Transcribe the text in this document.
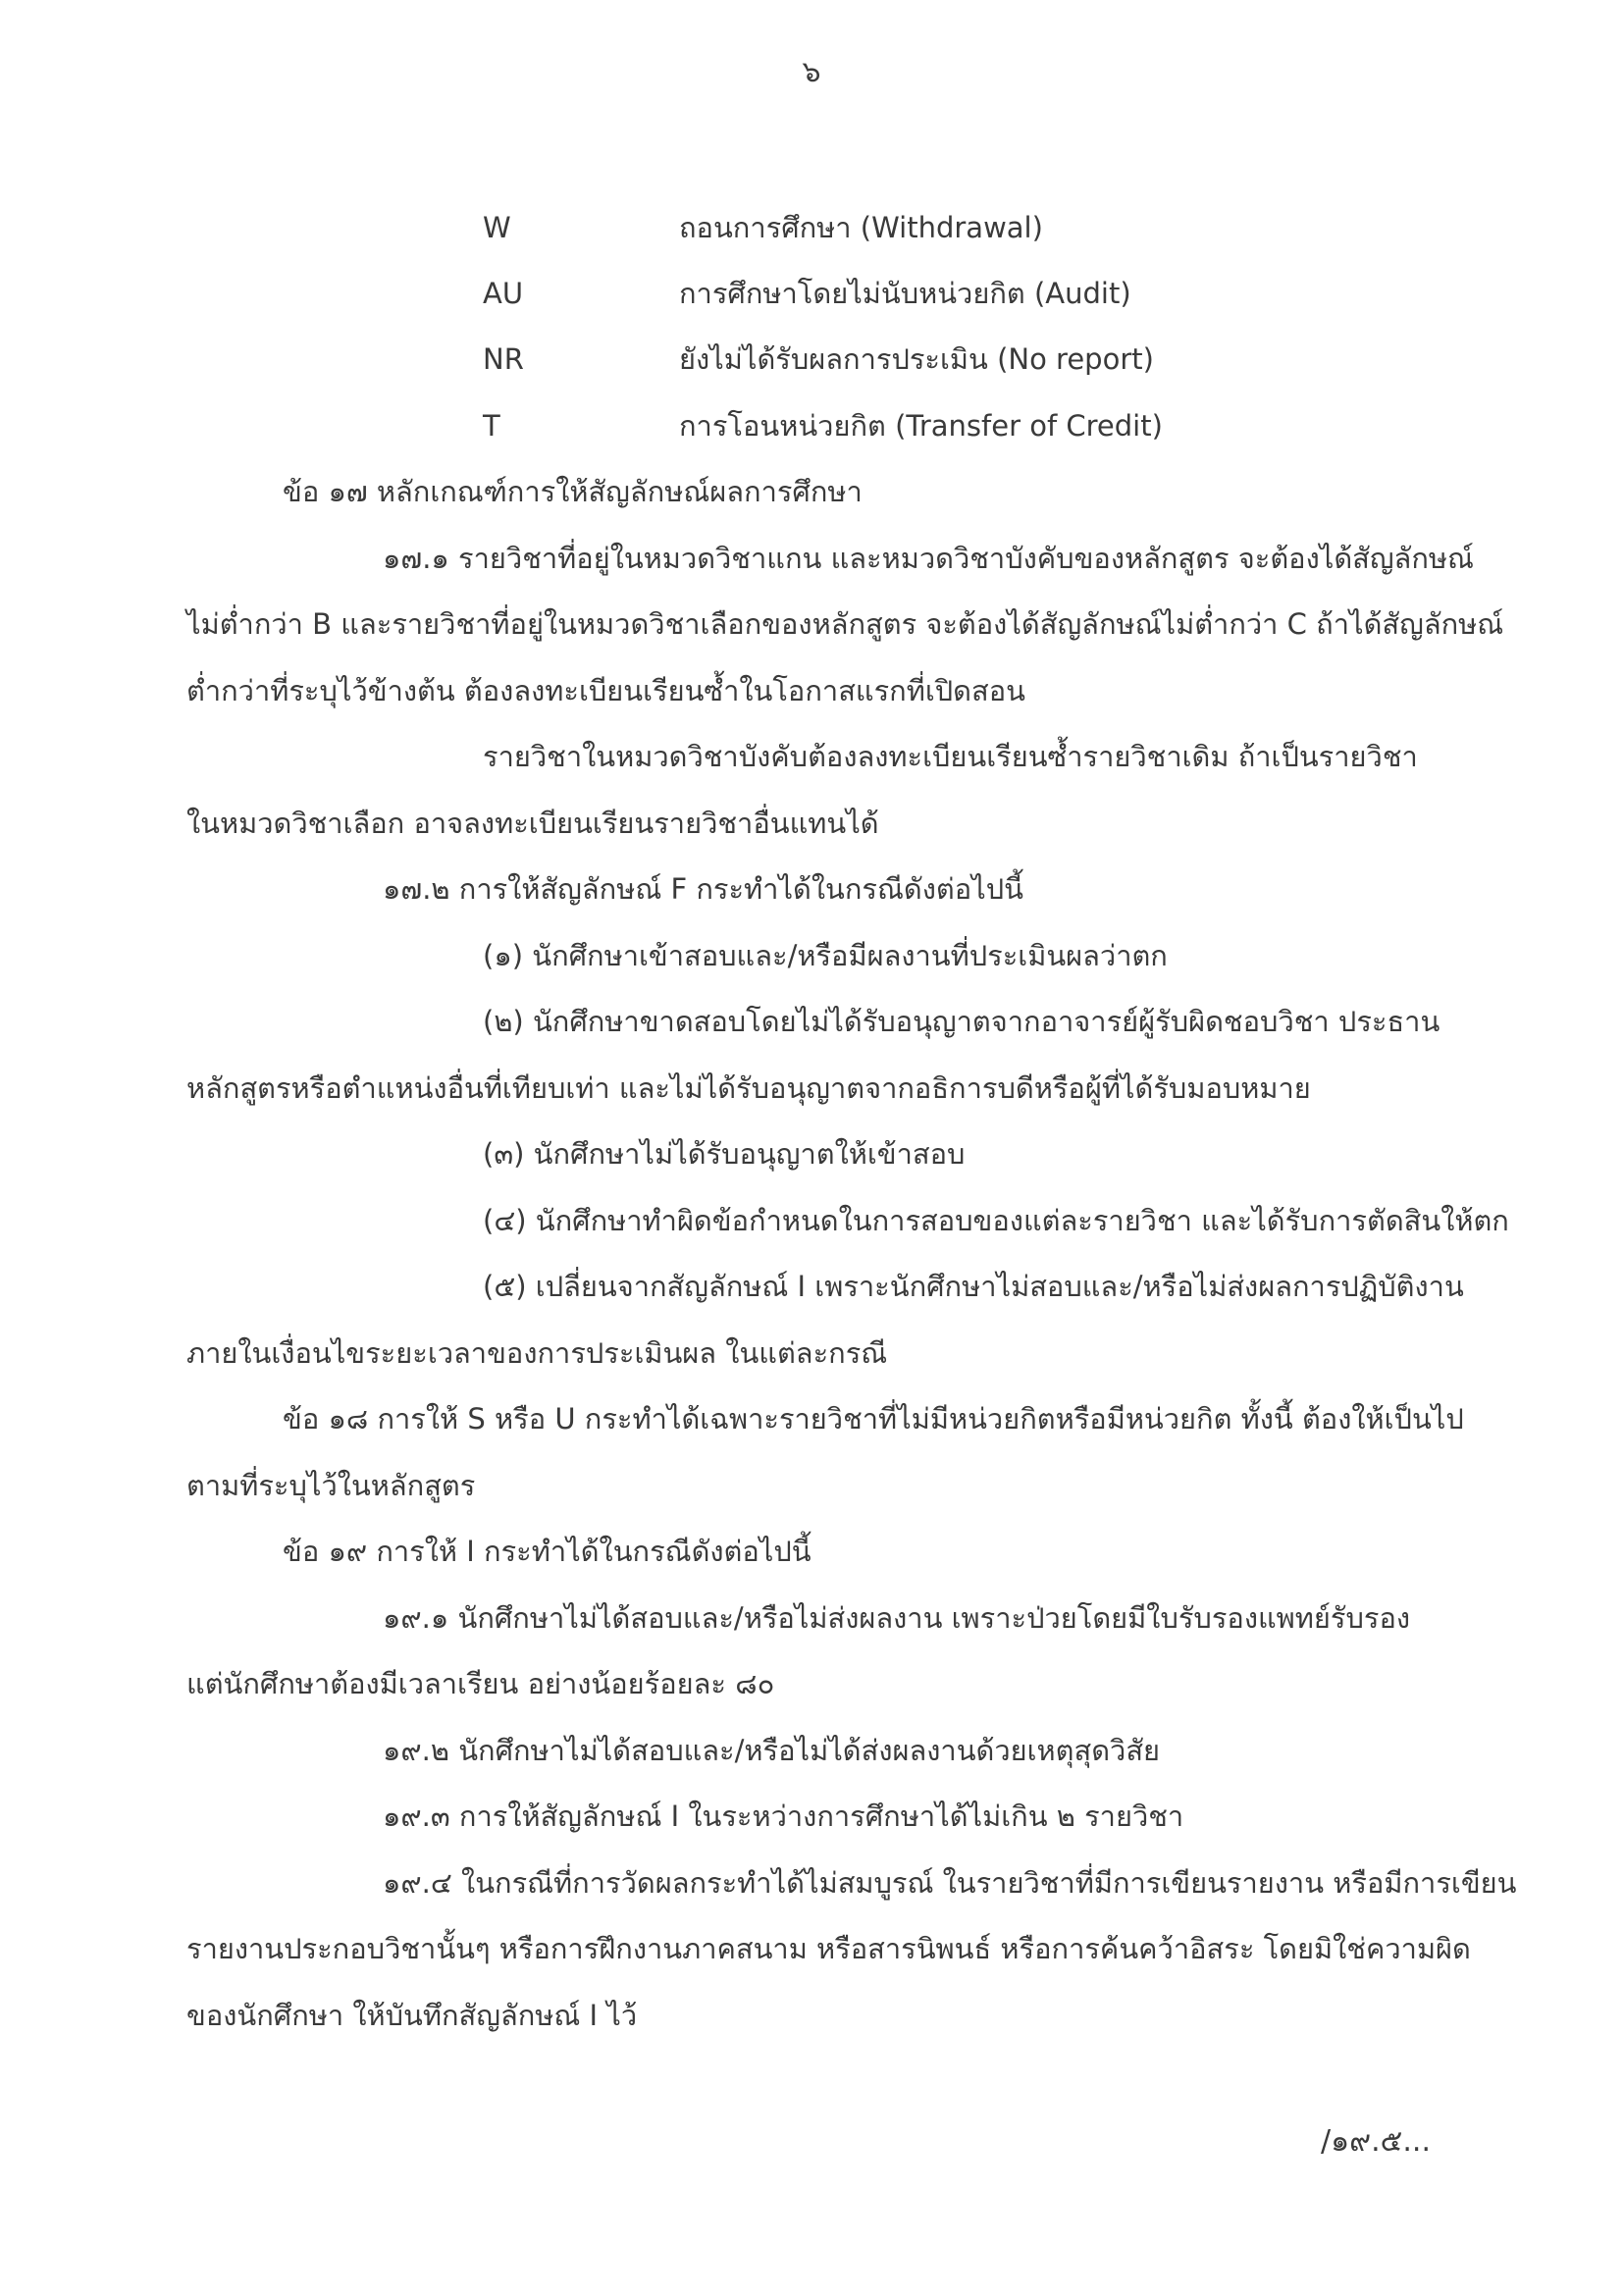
๖
W	ถอนการศึกษา (Withdrawal)
AU	การศึกษาโดยไม่นับหน่วยกิต (Audit)
NR	ยังไม่ได้รับผลการประเมิน (No report)
T	การโอนหน่วยกิต (Transfer of Credit)
ข้อ ๑๗ หลักเกณฑ์การให้สัญลักษณ์ผลการศึกษา
๑๗.๑ รายวิชาที่อยู่ในหมวดวิชาแกน และหมวดวิชาบังคับของหลักสูตร จะต้องได้สัญลักษณ์
ไม่ต่ำกว่า B และรายวิชาที่อยู่ในหมวดวิชาเลือกของหลักสูตร จะต้องได้สัญลักษณ์ไม่ต่ำกว่า C ถ้าได้สัญลักษณ์
ต่ำกว่าที่ระบุไว้ข้างต้น ต้องลงทะเบียนเรียนซ้ำในโอกาสแรกที่เปิดสอน
รายวิชาในหมวดวิชาบังคับต้องลงทะเบียนเรียนซ้ำรายวิชาเดิม ถ้าเป็นรายวิชา
ในหมวดวิชาเลือก อาจลงทะเบียนเรียนรายวิชาอื่นแทนได้
๑๗.๒ การให้สัญลักษณ์ F กระทำได้ในกรณีดังต่อไปนี้
(๑) นักศึกษาเข้าสอบและ/หรือมีผลงานที่ประเมินผลว่าตก
(๒) นักศึกษาขาดสอบโดยไม่ได้รับอนุญาตจากอาจารย์ผู้รับผิดชอบวิชา ประธาน
หลักสูตรหรือตำแหน่งอื่นที่เทียบเท่า และไม่ได้รับอนุญาตจากอธิการบดีหรือผู้ที่ได้รับมอบหมาย
(๓) นักศึกษาไม่ได้รับอนุญาตให้เข้าสอบ
(๔) นักศึกษาทำผิดข้อกำหนดในการสอบของแต่ละรายวิชา และได้รับการตัดสินให้ตก
(๕) เปลี่ยนจากสัญลักษณ์ I เพราะนักศึกษาไม่สอบและ/หรือไม่ส่งผลการปฏิบัติงาน
ภายในเงื่อนไขระยะเวลาของการประเมินผล ในแต่ละกรณี
ข้อ ๑๘ การให้ S หรือ U กระทำได้เฉพาะรายวิชาที่ไม่มีหน่วยกิตหรือมีหน่วยกิต ทั้งนี้ ต้องให้เป็นไป
ตามที่ระบุไว้ในหลักสูตร
ข้อ ๑๙ การให้ I กระทำได้ในกรณีดังต่อไปนี้
๑๙.๑ นักศึกษาไม่ได้สอบและ/หรือไม่ส่งผลงาน เพราะป่วยโดยมีใบรับรองแพทย์รับรอง
แต่นักศึกษาต้องมีเวลาเรียน อย่างน้อยร้อยละ ๘๐
๑๙.๒ นักศึกษาไม่ได้สอบและ/หรือไม่ได้ส่งผลงานด้วยเหตุสุดวิสัย
๑๙.๓ การให้สัญลักษณ์ I ในระหว่างการศึกษาได้ไม่เกิน ๒ รายวิชา
๑๙.๔ ในกรณีที่การวัดผลกระทำได้ไม่สมบูรณ์ ในรายวิชาที่มีการเขียนรายงาน หรือมีการเขียน
รายงานประกอบวิชานั้นๆ หรือการฝึกงานภาคสนาม หรือสารนิพนธ์ หรือการค้นคว้าอิสระ โดยมิใช่ความผิด
ของนักศึกษา ให้บันทึกสัญลักษณ์ I ไว้
/๑๙.๕...
